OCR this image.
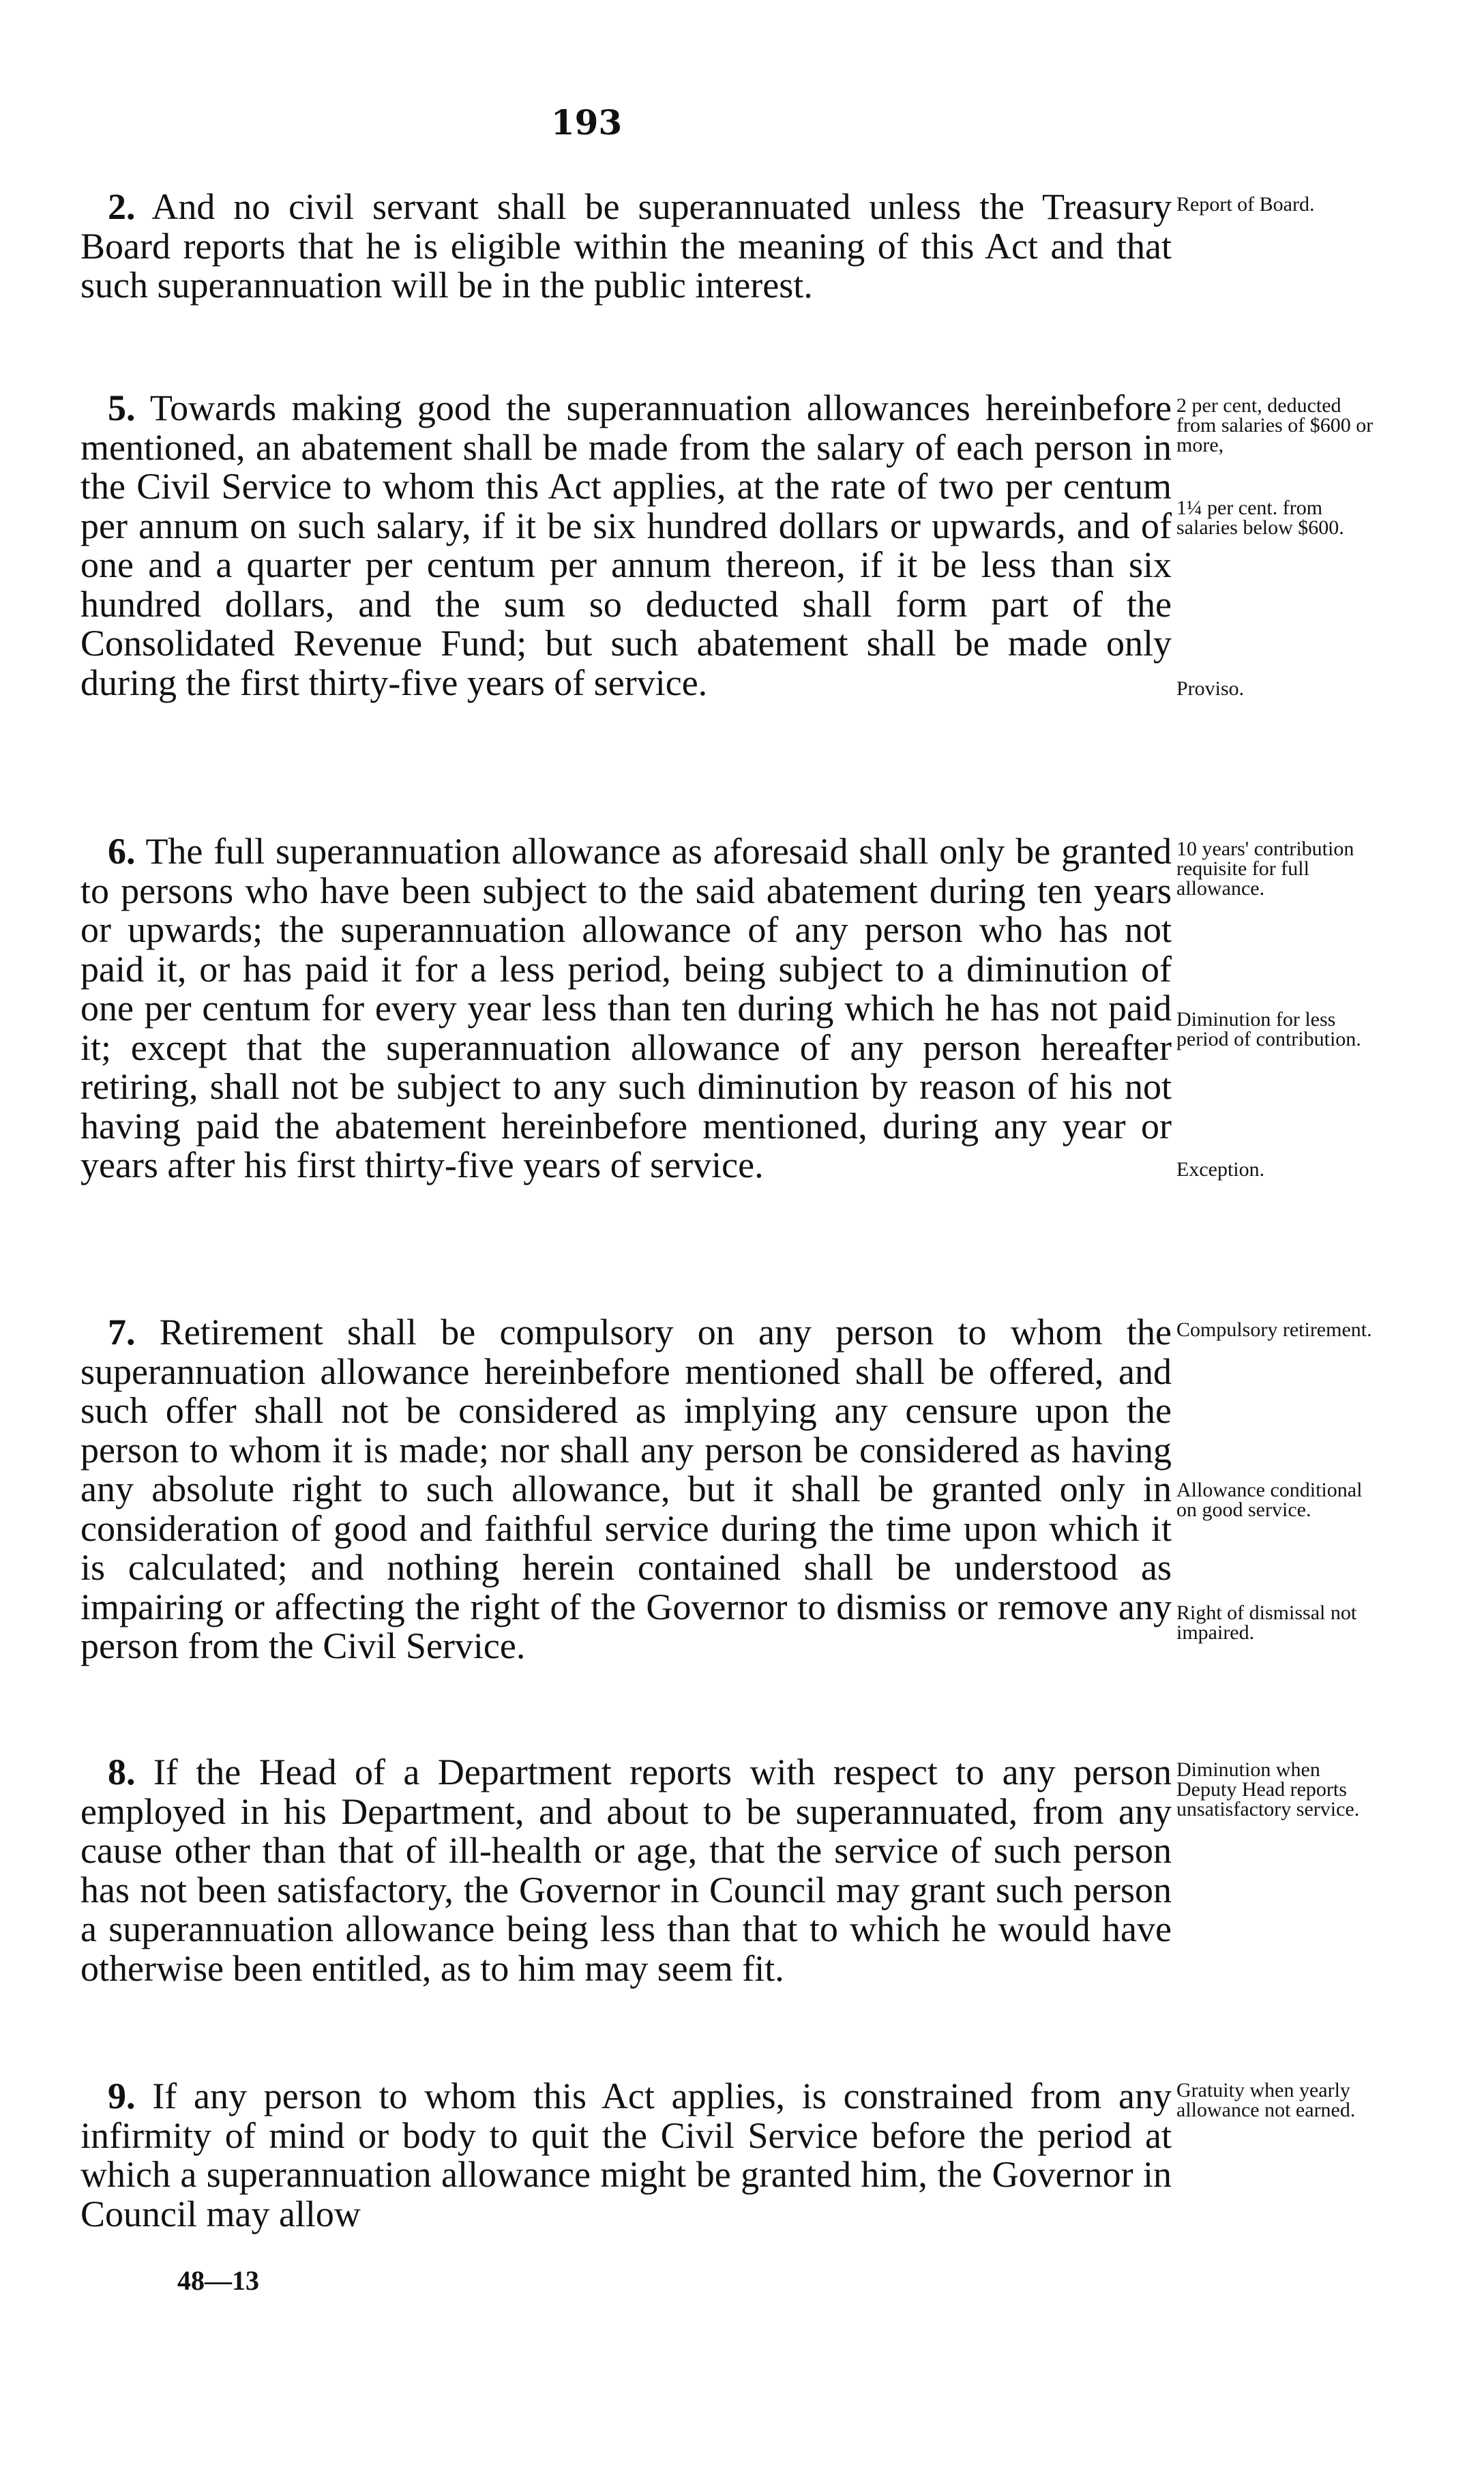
193

2. And no civil servant shall be superannuated unless the Treasury Board reports that he is eligible within the meaning of this Act and that such superannuation will be in the public interest.

5. Towards making good the superannuation allowances hereinbefore mentioned, an abatement shall be made from the salary of each person in the Civil Service to whom this Act applies, at the rate of two per centum per annum on such salary, if it be six hundred dollars or upwards, and of one and a quarter per centum per annum thereon, if it be less than six hundred dollars, and the sum so deducted shall form part of the Consolidated Revenue Fund; but such abatement shall be made only during the first thirty-five years of service.

6. The full superannuation allowance as aforesaid shall only be granted to persons who have been subject to the said abatement during ten years or upwards; the superannuation allowance of any person who has not paid it, or has paid it for a less period, being subject to a diminution of one per centum for every year less than ten during which he has not paid it; except that the superannuation allowance of any person hereafter retiring, shall not be subject to any such diminution by reason of his not having paid the abatement hereinbefore mentioned, during any year or years after his first thirty-five years of service.

7. Retirement shall be compulsory on any person to whom the superannuation allowance hereinbefore mentioned shall be offered, and such offer shall not be considered as implying any censure upon the person to whom it is made; nor shall any person be considered as having any absolute right to such allowance, but it shall be granted only in consideration of good and faithful service during the time upon which it is calculated; and nothing herein contained shall be understood as impairing or affecting the right of the Governor to dismiss or remove any person from the Civil Service.

8. If the Head of a Department reports with respect to any person employed in his Department, and about to be superannuated, from any cause other than that of ill-health or age, that the service of such person has not been satisfactory, the Governor in Council may grant such person a superannuation allowance being less than that to which he would have otherwise been entitled, as to him may seem fit.

9. If any person to whom this Act applies, is constrained from any infirmity of mind or body to quit the Civil Service before the period at which a superannuation allowance might be granted him, the Governor in Council may allow

Report of Board.

2 per cent, deducted from salaries of $600 or more,

1¼ per cent. from salaries below $600.

Proviso.

10 years' contribution requisite for full allowance.

Diminution for less period of contribution.

Exception.

Compulsory retirement.

Allowance conditional on good service.

Right of dismissal not impaired.

Diminution when Deputy Head reports unsatisfactory service.

Gratuity when yearly allowance not earned.

48—13
